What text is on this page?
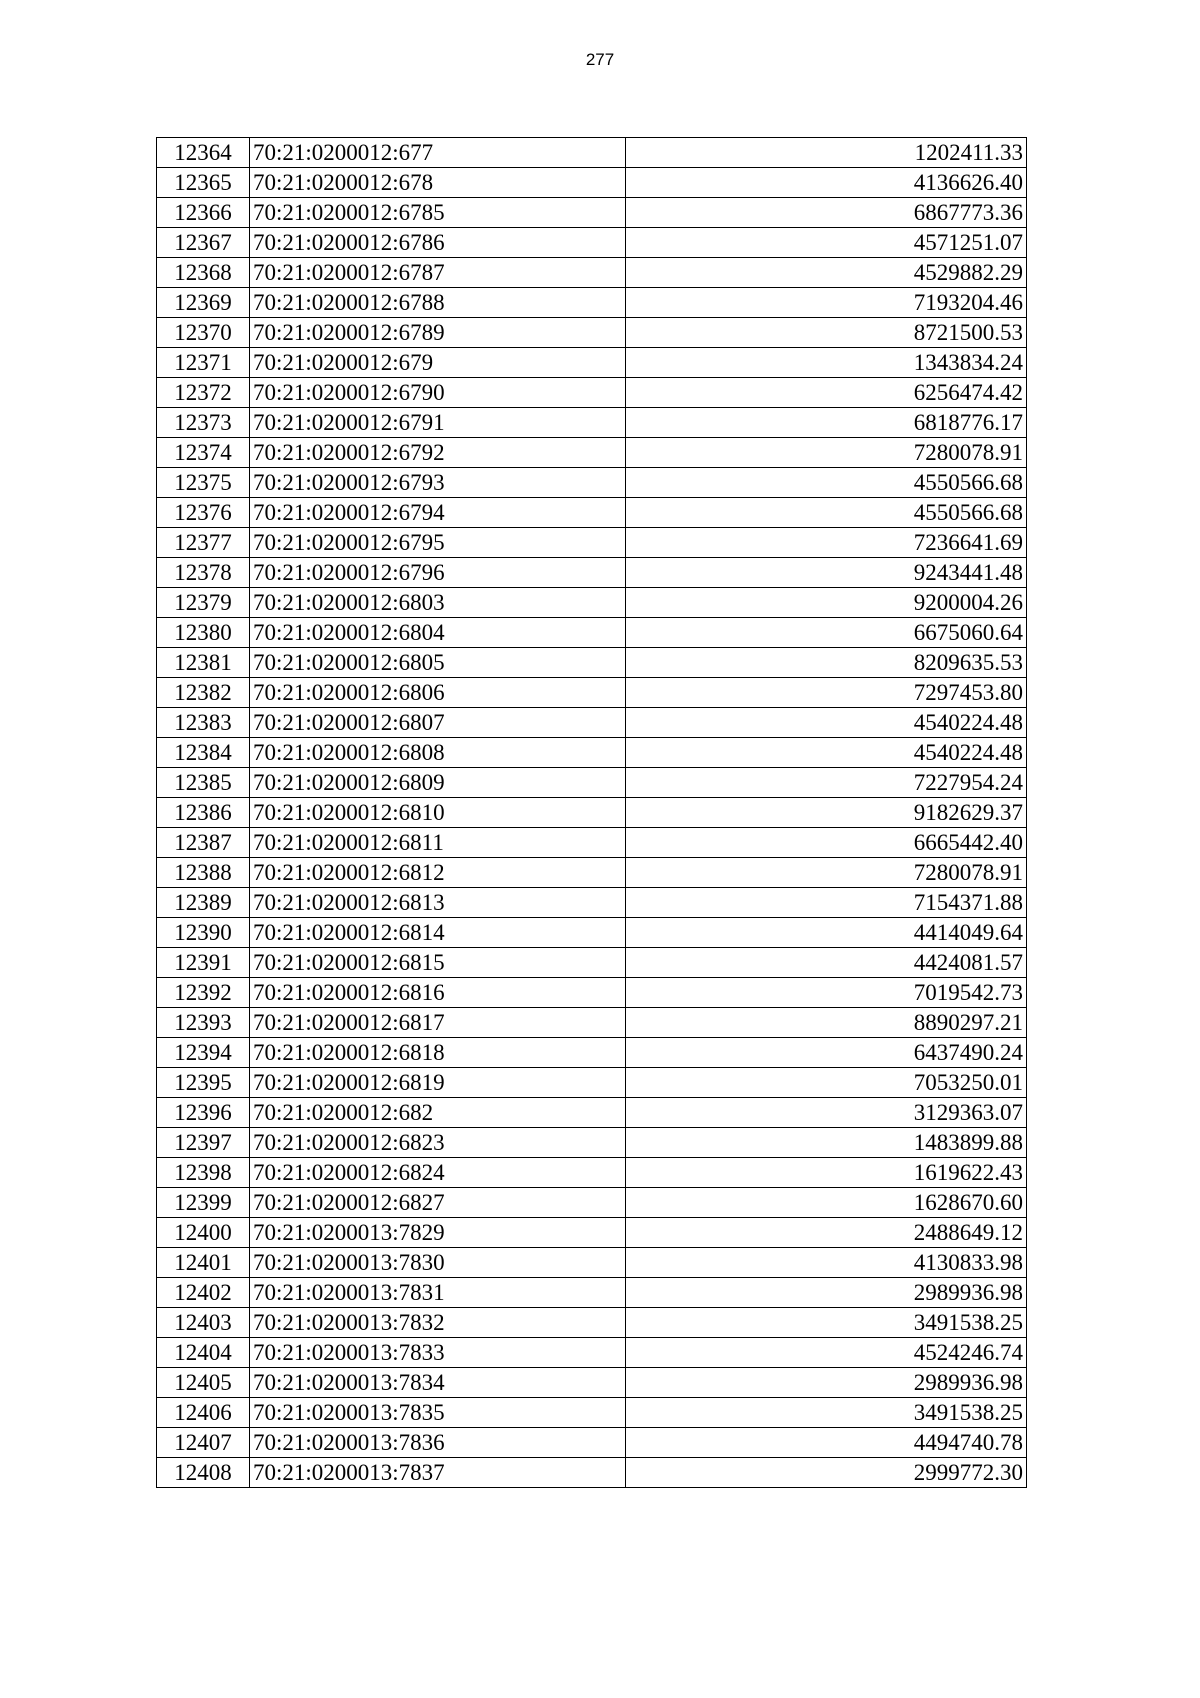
277
12364	70:21:0200012:677	1202411.33
12365	70:21:0200012:678	4136626.40
12366	70:21:0200012:6785	6867773.36
12367	70:21:0200012:6786	4571251.07
12368	70:21:0200012:6787	4529882.29
12369	70:21:0200012:6788	7193204.46
12370	70:21:0200012:6789	8721500.53
12371	70:21:0200012:679	1343834.24
12372	70:21:0200012:6790	6256474.42
12373	70:21:0200012:6791	6818776.17
12374	70:21:0200012:6792	7280078.91
12375	70:21:0200012:6793	4550566.68
12376	70:21:0200012:6794	4550566.68
12377	70:21:0200012:6795	7236641.69
12378	70:21:0200012:6796	9243441.48
12379	70:21:0200012:6803	9200004.26
12380	70:21:0200012:6804	6675060.64
12381	70:21:0200012:6805	8209635.53
12382	70:21:0200012:6806	7297453.80
12383	70:21:0200012:6807	4540224.48
12384	70:21:0200012:6808	4540224.48
12385	70:21:0200012:6809	7227954.24
12386	70:21:0200012:6810	9182629.37
12387	70:21:0200012:6811	6665442.40
12388	70:21:0200012:6812	7280078.91
12389	70:21:0200012:6813	7154371.88
12390	70:21:0200012:6814	4414049.64
12391	70:21:0200012:6815	4424081.57
12392	70:21:0200012:6816	7019542.73
12393	70:21:0200012:6817	8890297.21
12394	70:21:0200012:6818	6437490.24
12395	70:21:0200012:6819	7053250.01
12396	70:21:0200012:682	3129363.07
12397	70:21:0200012:6823	1483899.88
12398	70:21:0200012:6824	1619622.43
12399	70:21:0200012:6827	1628670.60
12400	70:21:0200013:7829	2488649.12
12401	70:21:0200013:7830	4130833.98
12402	70:21:0200013:7831	2989936.98
12403	70:21:0200013:7832	3491538.25
12404	70:21:0200013:7833	4524246.74
12405	70:21:0200013:7834	2989936.98
12406	70:21:0200013:7835	3491538.25
12407	70:21:0200013:7836	4494740.78
12408	70:21:0200013:7837	2999772.30
